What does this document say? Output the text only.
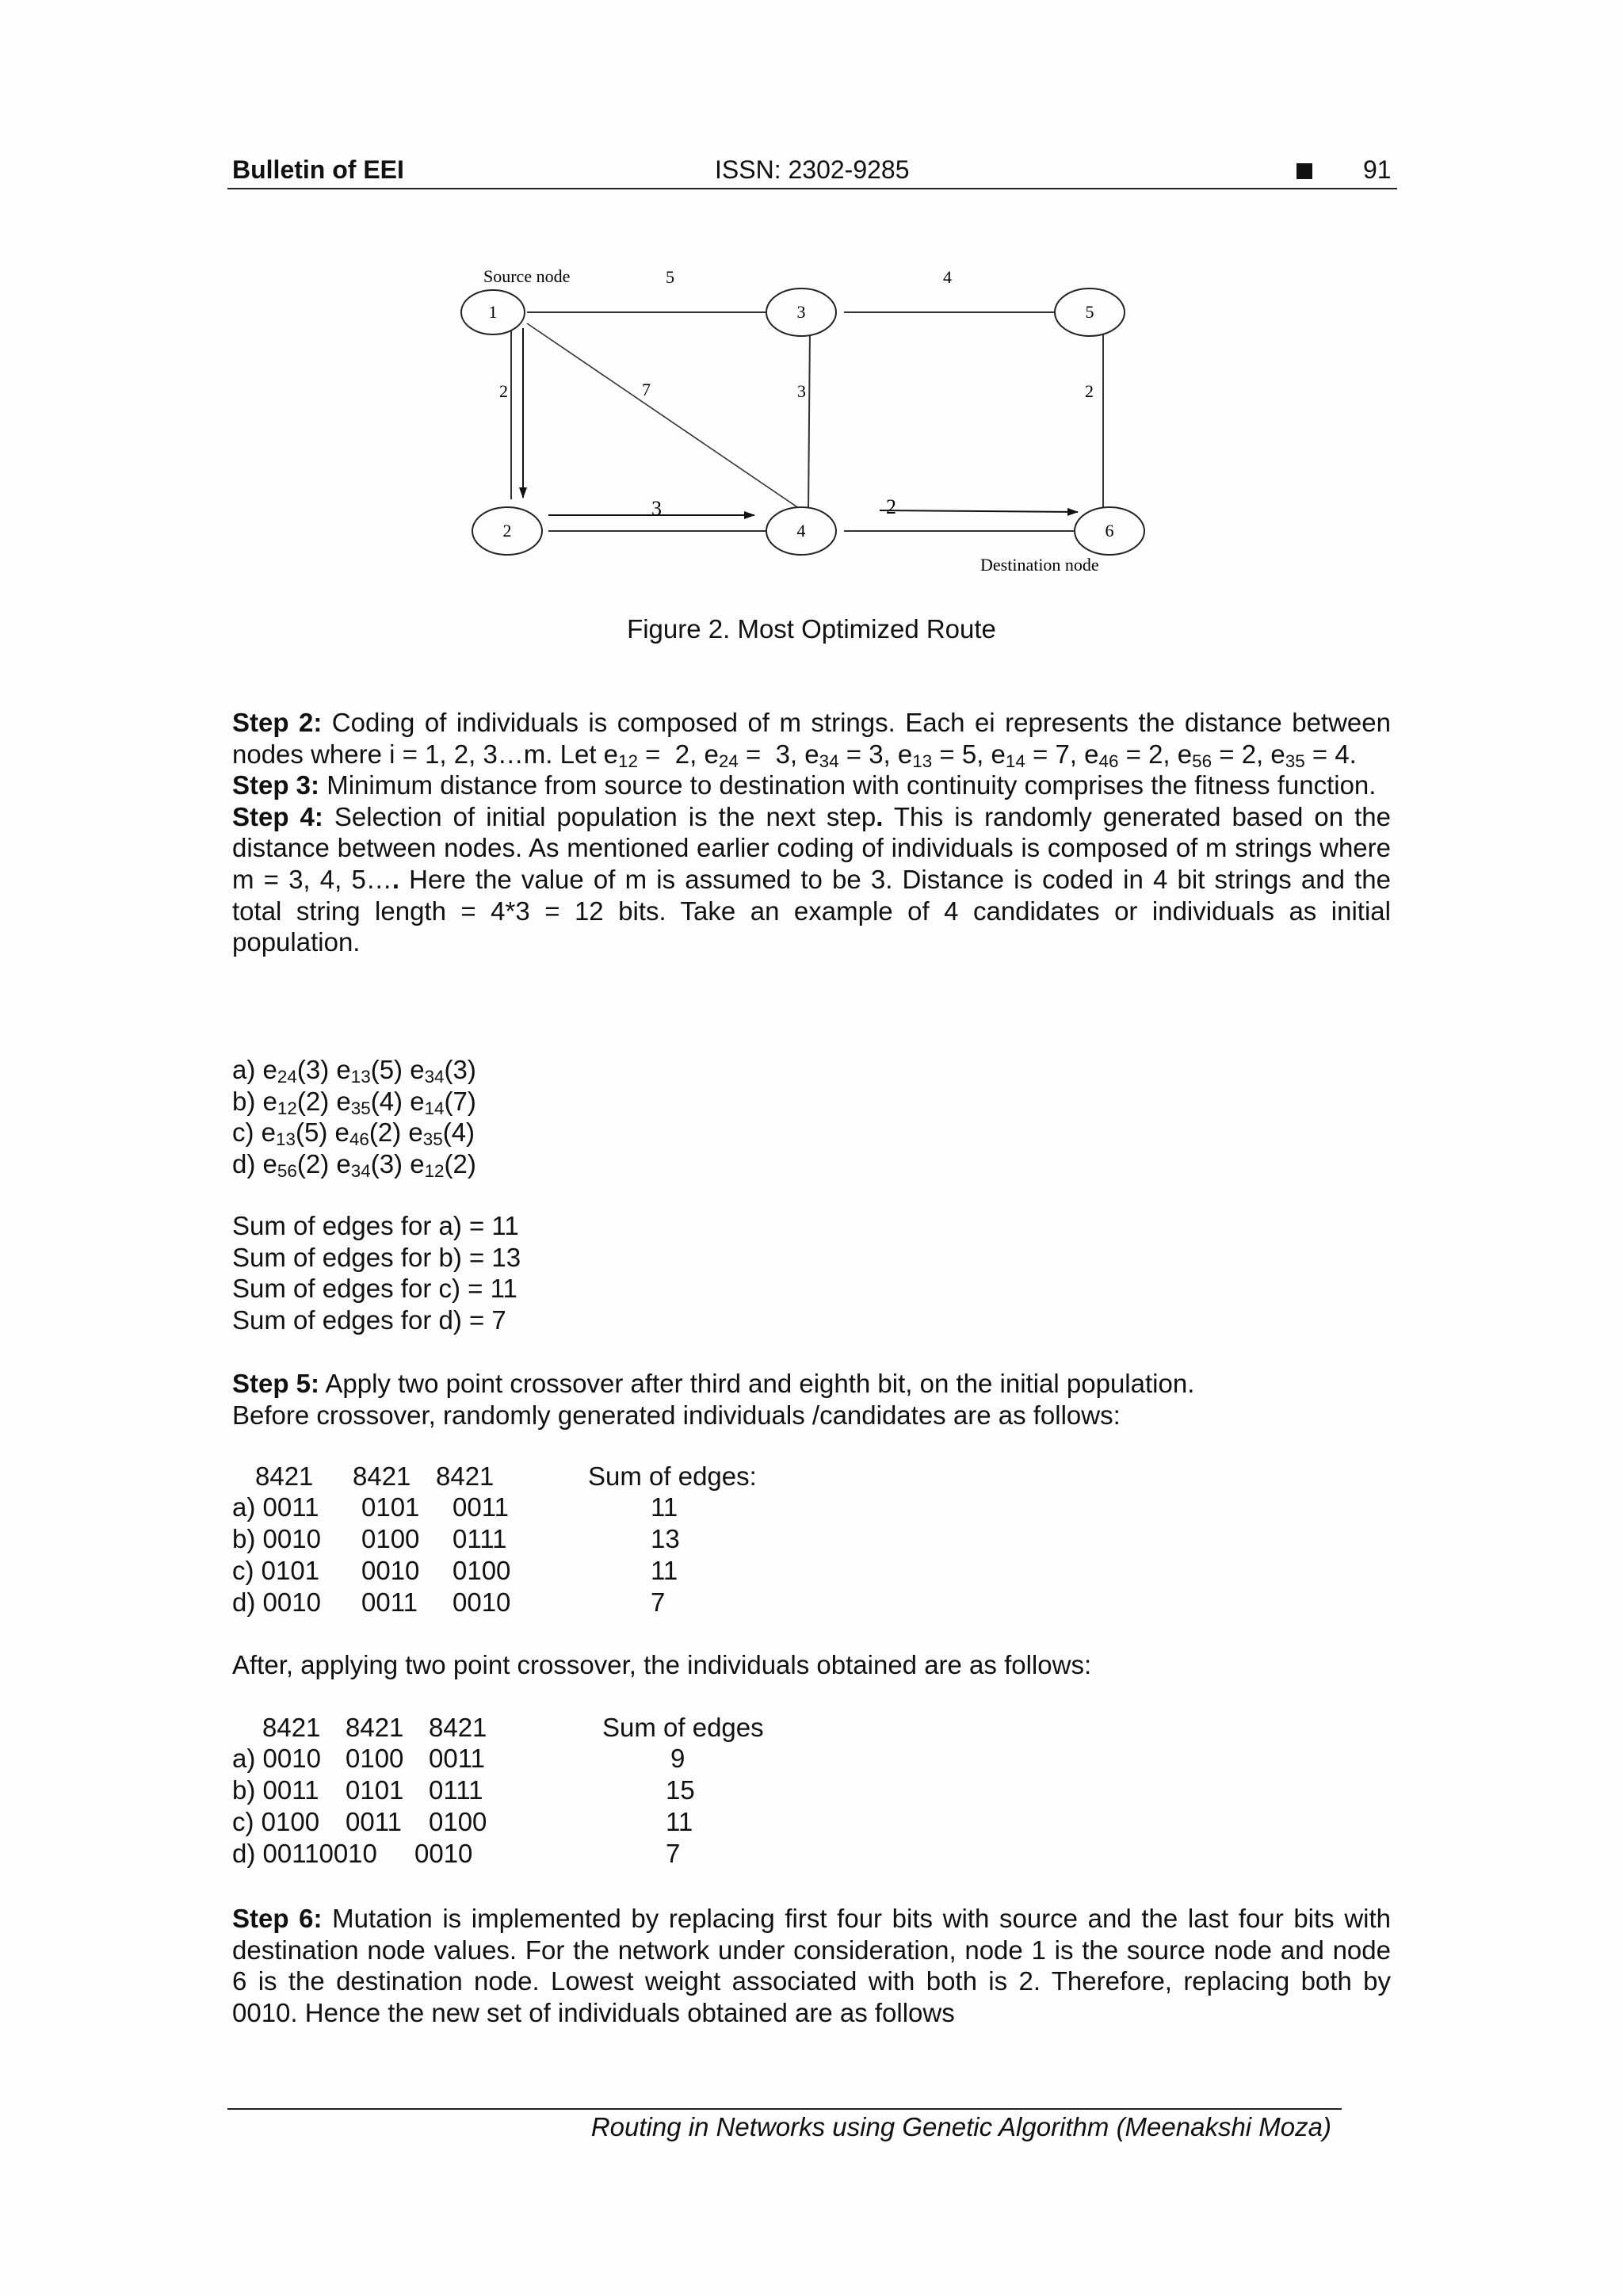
Bulletin of EEI	ISSN: 2302-9285	91
1	3	5
2	4	6
5	4
2	7	3	2
3	2
Source node
Destination node
Figure 2. Most Optimized Route

Step 2: Coding of individuals is composed of m strings. Each ei represents the distance between nodes where i = 1, 2, 3…m. Let $e_{12} = 2$, $e_{24} = 3$, $e_{34} = 3$, $e_{13} = 5$, $e_{14} = 7$, $e_{46} = 2$, $e_{56} = 2$, $e_{35} = 4$.

Step 3: Minimum distance from source to destination with continuity comprises the fitness function.

Step 4: Selection of initial population is the next step. This is randomly generated based on the distance between nodes. As mentioned earlier coding of individuals is composed of m strings where m = 3, 4, 5…. Here the value of m is assumed to be 3. Distance is coded in 4 bit strings and the total string length = 4*3 = 12 bits. Take an example of 4 candidates or individuals as initial population.

a) $e_{24}(3)$ $e_{13}(5)$ $e_{34}(3)$
b) $e_{12}(2)$ $e_{35}(4)$ $e_{14}(7)$
c) $e_{13}(5)$ $e_{46}(2)$ $e_{35}(4)$
d) $e_{56}(2)$ $e_{34}(3)$ $e_{12}(2)$
Sum of edges for a) = 11
Sum of edges for b) = 13
Sum of edges for c) = 11
Sum of edges for d) = 7
Step 5: Apply two point crossover after third and eighth bit, on the initial population.
Before crossover, randomly generated individuals /candidates are as follows:
8421 8421 8421	Sum of edges:
a) 0011 0101 0011	11
b) 0010 0100 0111	13
c) 0101 0010 0100	11
d) 0010 0011 0010	7
After, applying two point crossover, the individuals obtained are as follows:
8421 8421 8421	Sum of edges
a) 0010 0100 0011	9
b) 0011 0101 0111	15
c) 0100 0011 0100	11
d) 00110010 0010	7

Step 6: Mutation is implemented by replacing first four bits with source and the last four bits with destination node values. For the network under consideration, node 1 is the source node and node 6 is the destination node. Lowest weight associated with both is 2. Therefore, replacing both by 0010. Hence the new set of individuals obtained are as follows

Routing in Networks using Genetic Algorithm (Meenakshi Moza)
